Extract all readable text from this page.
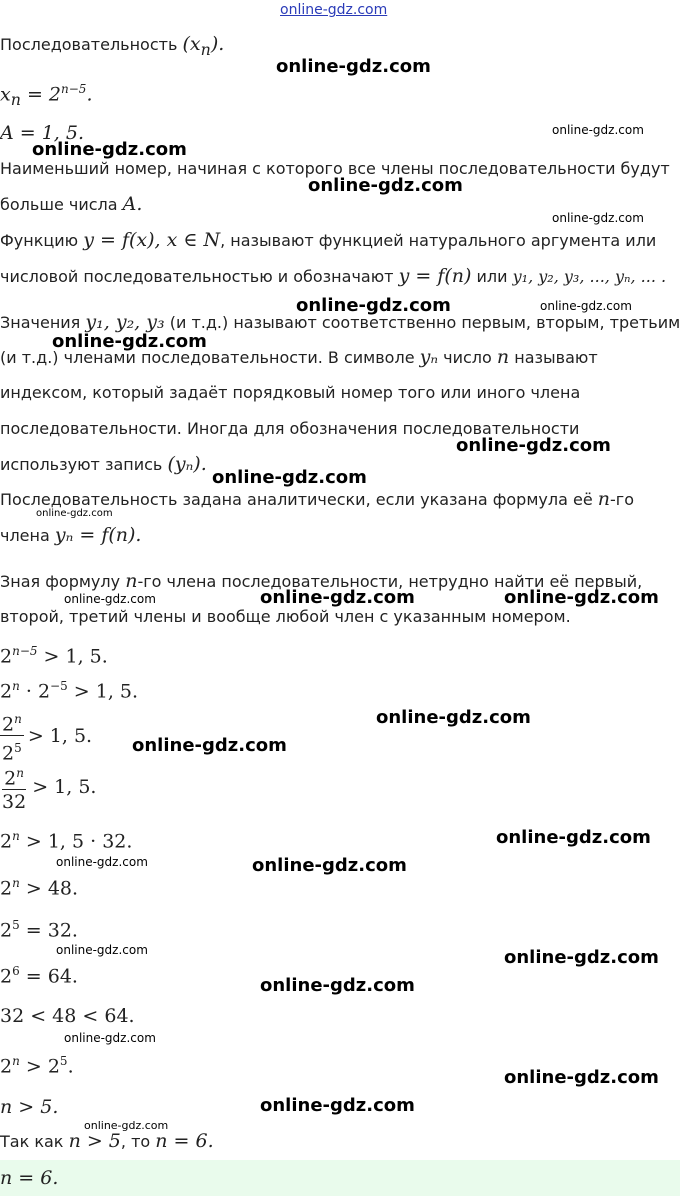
online-gdz.com
Последовательность $(x_n)$.
$x_n = 2^{n-5}$.
A = 1, 5.
Наименьший номер, начиная с которого все члены последовательности будут
больше числа A.
Функцию y = f(x), x ∈ N, называют функцией натурального аргумента или
числовой последовательностью и обозначают y = f(n) или y₁, y₂, y₃, ..., yₙ, ... .
Значения y₁, y₂, y₃ (и т.д.) называют соответственно первым, вторым, третьим
(и т.д.) членами последовательности. В символе yₙ число n называют
индексом, который задаёт порядковый номер того или иного члена
последовательности. Иногда для обозначения последовательности
используют запись (yₙ).
Последовательность задана аналитически, если указана формула её n-го
члена yₙ = f(n).
Зная формулу n-го члена последовательности, нетрудно найти её первый,
второй, третий члены и вообще любой член с указанным номером.
$2^{n-5} > 1$, 5.
$2^n \cdot 2^{-5} > 1$, 5.
$\frac{2^n}{2^5} > 1$, 5.
$\frac{2^n}{32} > 1$, 5.
$2^n > 1$, 5 · 32.
$2^n > 48$.
$2^5 = 32$.
$2^6 = 64$.
32 < 48 < 64.
$2^n > 2^5$.
n > 5.
Так как n > 5, то n = 6.
n = 6.
online-gdz.com
online-gdz.com
online-gdz.com
online-gdz.com
online-gdz.com
online-gdz.com	online-gdz.com
online-gdz.com
online-gdz.com
online-gdz.com
online-gdz.com
online-gdz.com	online-gdz.com	online-gdz.com
online-gdz.com
online-gdz.com
online-gdz.com
online-gdz.com	online-gdz.com
online-gdz.com	online-gdz.com
online-gdz.com
online-gdz.com
online-gdz.com
online-gdz.com
online-gdz.com
